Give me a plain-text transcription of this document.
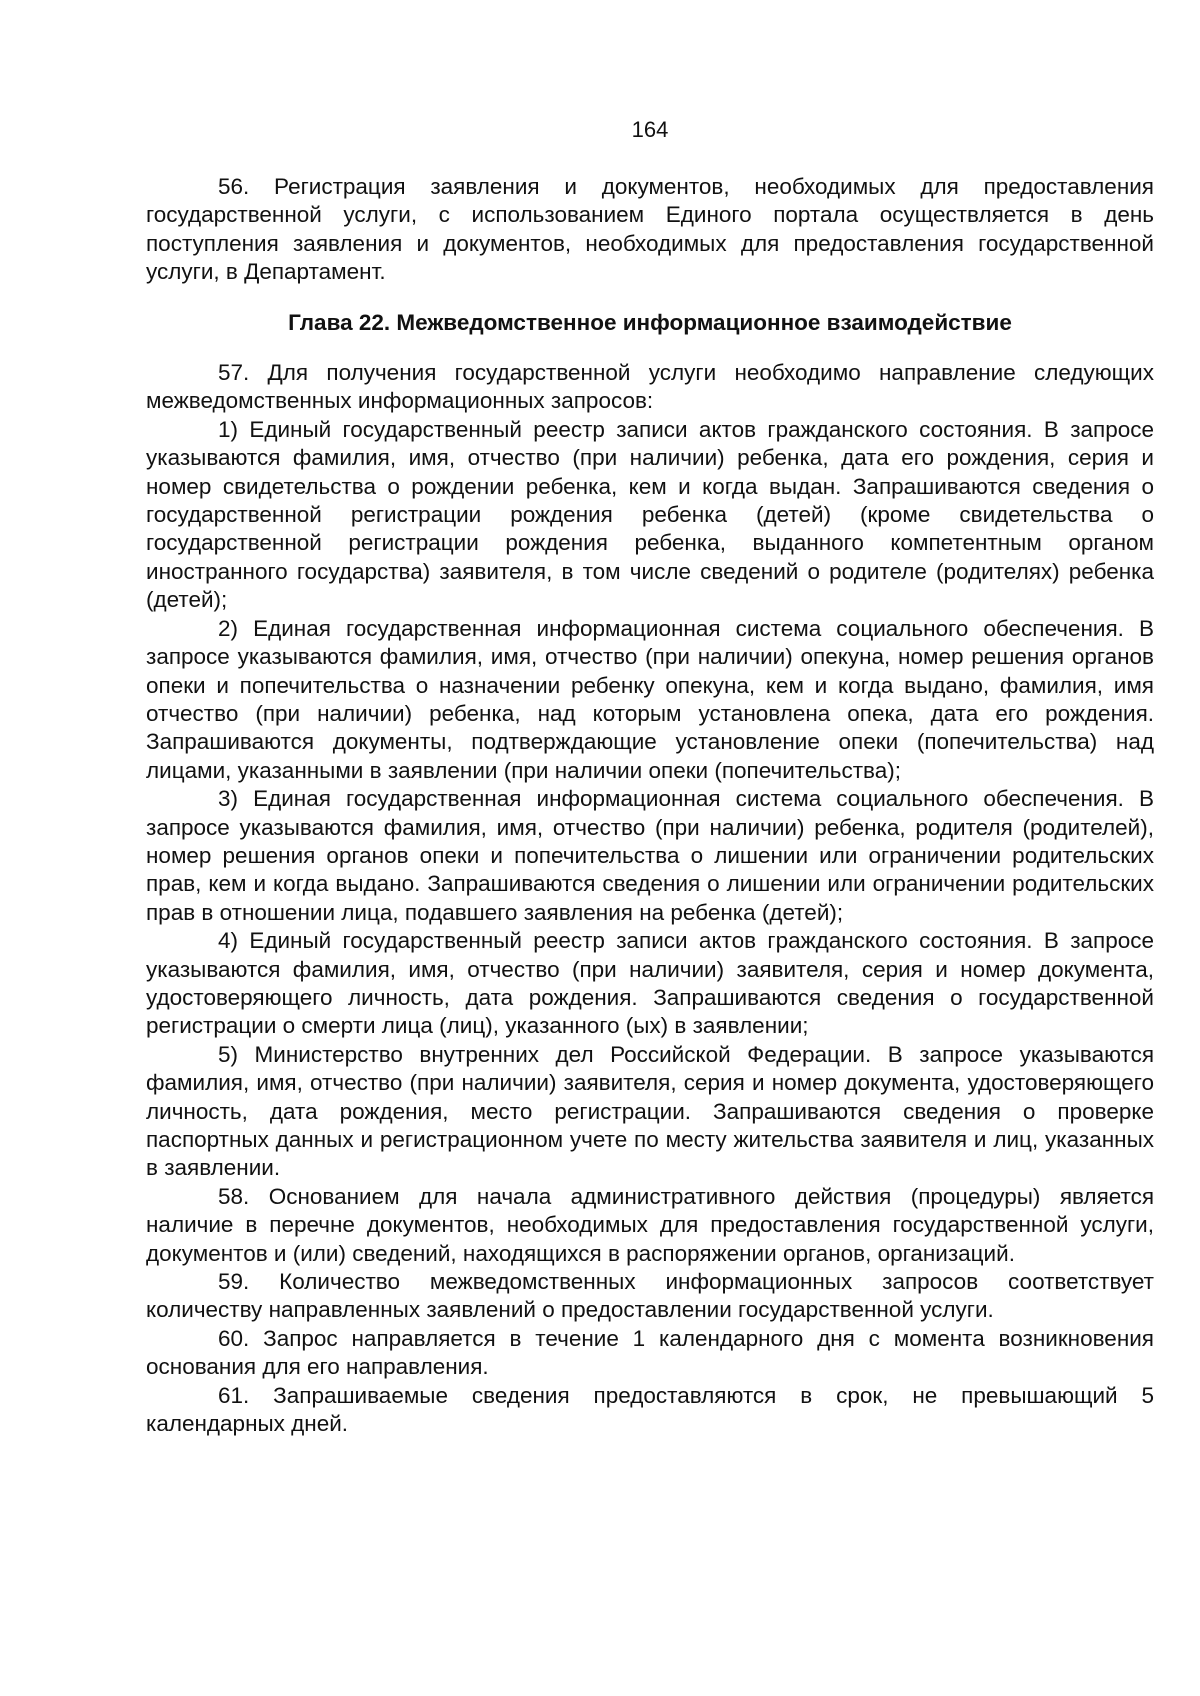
164

56. Регистрация заявления и документов, необходимых для предоставления государственной услуги, с использованием Единого портала осуществляется в день поступления заявления и документов, необходимых для предоставления государственной услуги, в Департамент.

Глава 22. Межведомственное информационное взаимодействие

57. Для получения государственной услуги необходимо направление следующих межведомственных информационных запросов:

1) Единый государственный реестр записи актов гражданского состояния. В запросе указываются фамилия, имя, отчество (при наличии) ребенка, дата его рождения, серия и номер свидетельства о рождении ребенка, кем и когда выдан. Запрашиваются сведения о государственной регистрации рождения ребенка (детей) (кроме свидетельства о государственной регистрации рождения ребенка, выданного компетентным органом иностранного государства) заявителя, в том числе сведений о родителе (родителях) ребенка (детей);

2) Единая государственная информационная система социального обеспечения. В запросе указываются фамилия, имя, отчество (при наличии) опекуна, номер решения органов опеки и попечительства о назначении ребенку опекуна, кем и когда выдано, фамилия, имя отчество (при наличии) ребенка, над которым установлена опека, дата его рождения. Запрашиваются документы, подтверждающие установление опеки (попечительства) над лицами, указанными в заявлении (при наличии опеки (попечительства);

3) Единая государственная информационная система социального обеспечения. В запросе указываются фамилия, имя, отчество (при наличии) ребенка, родителя (родителей), номер решения органов опеки и попечительства о лишении или ограничении родительских прав, кем и когда выдано. Запрашиваются сведения о лишении или ограничении родительских прав в отношении лица, подавшего заявления на ребенка (детей);

4) Единый государственный реестр записи актов гражданского состояния. В запросе указываются фамилия, имя, отчество (при наличии) заявителя, серия и номер документа, удостоверяющего личность, дата рождения. Запрашиваются сведения о государственной регистрации о смерти лица (лиц), указанного (ых) в заявлении;

5) Министерство внутренних дел Российской Федерации. В запросе указываются фамилия, имя, отчество (при наличии) заявителя, серия и номер документа, удостоверяющего личность, дата рождения, место регистрации. Запрашиваются сведения о проверке паспортных данных и регистрационном учете по месту жительства заявителя и лиц, указанных в заявлении.

58. Основанием для начала административного действия (процедуры) является наличие в перечне документов, необходимых для предоставления государственной услуги, документов и (или) сведений, находящихся в распоряжении органов, организаций.

59. Количество межведомственных информационных запросов соответствует количеству направленных заявлений о предоставлении государственной услуги.

60. Запрос направляется в течение 1 календарного дня с момента возникновения основания для его направления.

61. Запрашиваемые сведения предоставляются в срок, не превышающий 5 календарных дней.
